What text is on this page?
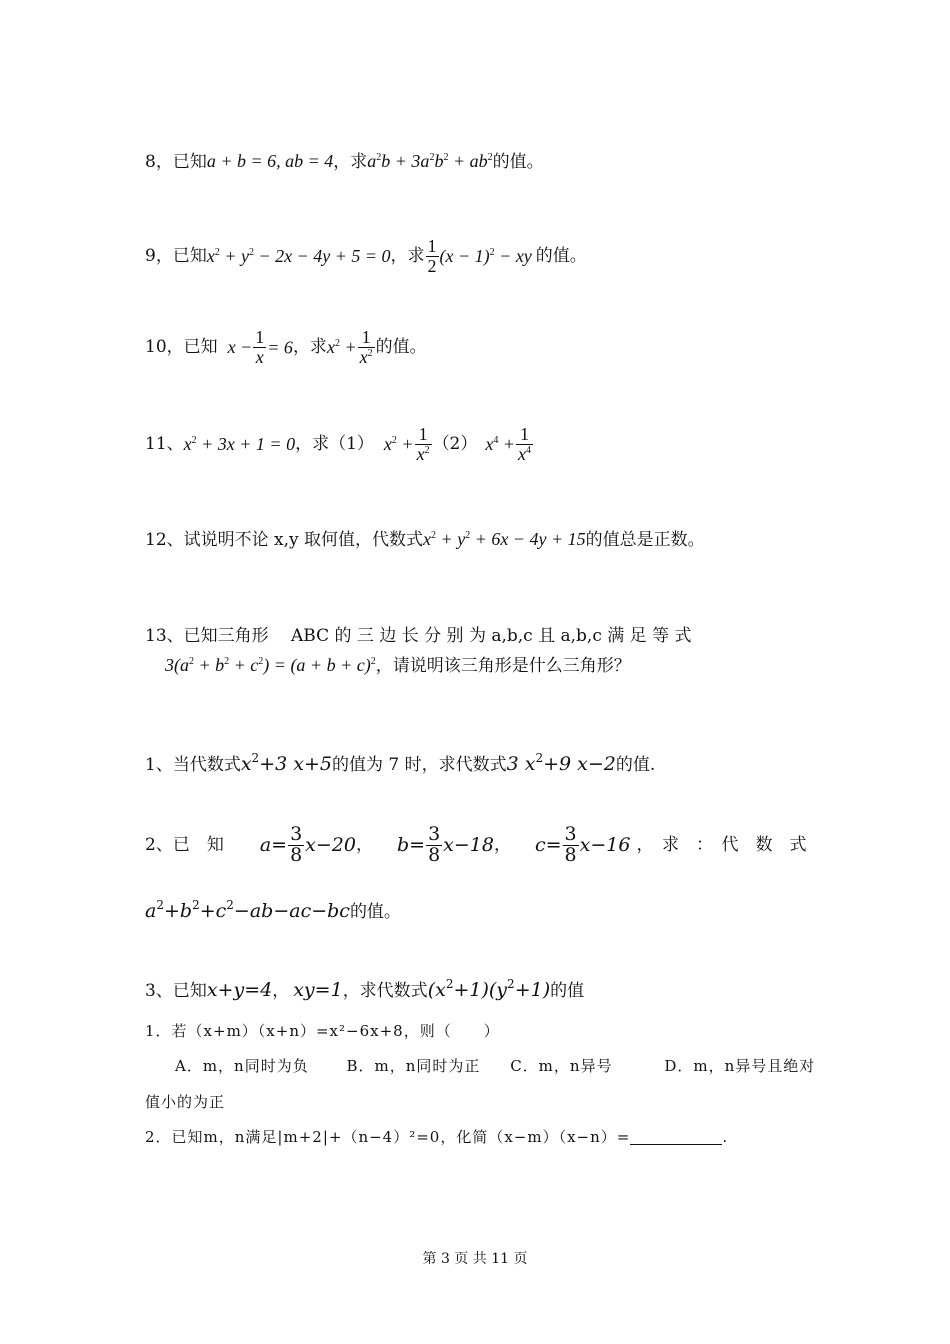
8，已知a + b = 6, ab = 4，求$a^2b + 3a^2b^2 + ab^2$的值。
9，已知$x^2 + y^2 - 2x - 4y + 5 = 0$，求 $\frac{1}{2} (x - 1)^2$ − xy 的值。
10，已知 $x - \frac{1}{x} = 6$，求$x^2 + \frac{1}{x^2}$ 的值。
11、$x^2 + 3x + 1 = 0$，求（1） $x^2 + \frac{1}{x^2} (2) x^4 + \frac{1}{x^4}$
12、试说明不论 x,y 取何值，代数式$x^2 + y^2 + 6x - 4y + 15$的值总是正数。
13、已知三角形　 ABC 的 三 边 长 分 别 为 a,b,c 且 a,b,c 满 足 等 式
$3(a^2 + b^2 + c^2) = (a + b + c)^2$，请说明该三角形是什么三角形？
1、当代数式$x^2+3$ x+5的值为 7 时，求代数式3 $x^2+9$ x−2的值.
2、已　知 $a= \frac{3}{8} x-20$， $b= \frac{3}{8} x-18$， $c= \frac{3}{8} x-16$ ，　求　：　代　数　式
$a^2+b^2+c^2-ab-ac-bc$的值。
3、已知x+y=4， xy=1，求代数式$(x^2+1)(y^2+1)$的值
1．若（x+m）（x+n）=x²−6x+8，则（　　）
A．m，n同时为负	B．m，n同时为正 C．m，n异号	D．m，n异号且绝对
值小的为正
2．已知m，n满足|m+2|+（n−4）²=0，化简（x−m）（x−n）=	.
第 3 页 共 11 页
